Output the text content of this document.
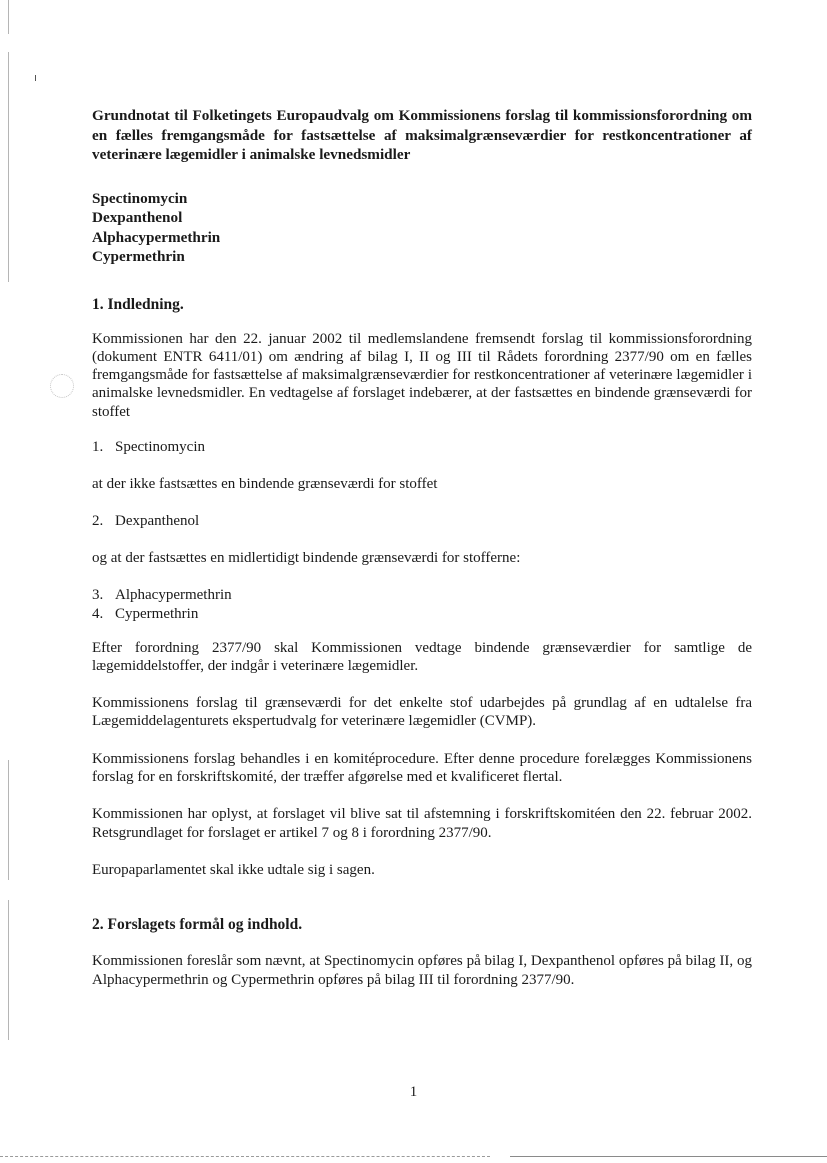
Grundnotat til Folketingets Europaudvalg om Kommissionens forslag til kommissionsforordning om en fælles fremgangsmåde for fastsættelse af maksimalgrænseværdier for restkoncentrationer af veterinære lægemidler i animalske levnedsmidler

Spectinomycin
Dexpanthenol
Alphacypermethrin
Cypermethrin

1. Indledning.

Kommissionen har den 22. januar 2002 til medlemslandene fremsendt forslag til kommissionsforordning (dokument ENTR 6411/01) om ændring af bilag I, II og III til Rådets forordning 2377/90 om en fælles fremgangsmåde for fastsættelse af maksimalgrænseværdier for restkoncentrationer af veterinære lægemidler i animalske levnedsmidler. En vedtagelse af forslaget indebærer, at der fastsættes en bindende grænseværdi for stoffet

1. Spectinomycin

at der ikke fastsættes en bindende grænseværdi for stoffet

2. Dexpanthenol

og at der fastsættes en midlertidigt bindende grænseværdi for stofferne:

3. Alphacypermethrin
4. Cypermethrin

Efter forordning 2377/90 skal Kommissionen vedtage bindende grænseværdier for samtlige de lægemiddelstoffer, der indgår i veterinære lægemidler.

Kommissionens forslag til grænseværdi for det enkelte stof udarbejdes på grundlag af en udtalelse fra Lægemiddelagenturets ekspertudvalg for veterinære lægemidler (CVMP).

Kommissionens forslag behandles i en komitéprocedure. Efter denne procedure forelægges Kommissionens forslag for en forskriftskomité, der træffer afgørelse med et kvalificeret flertal.

Kommissionen har oplyst, at forslaget vil blive sat til afstemning i forskriftskomitéen den 22. februar 2002. Retsgrundlaget for forslaget er artikel 7 og 8 i forordning 2377/90.

Europaparlamentet skal ikke udtale sig i sagen.

2. Forslagets formål og indhold.

Kommissionen foreslår som nævnt, at Spectinomycin opføres på bilag I, Dexpanthenol opføres på bilag II, og Alphacypermethrin og Cypermethrin opføres på bilag III til forordning 2377/90.

1
